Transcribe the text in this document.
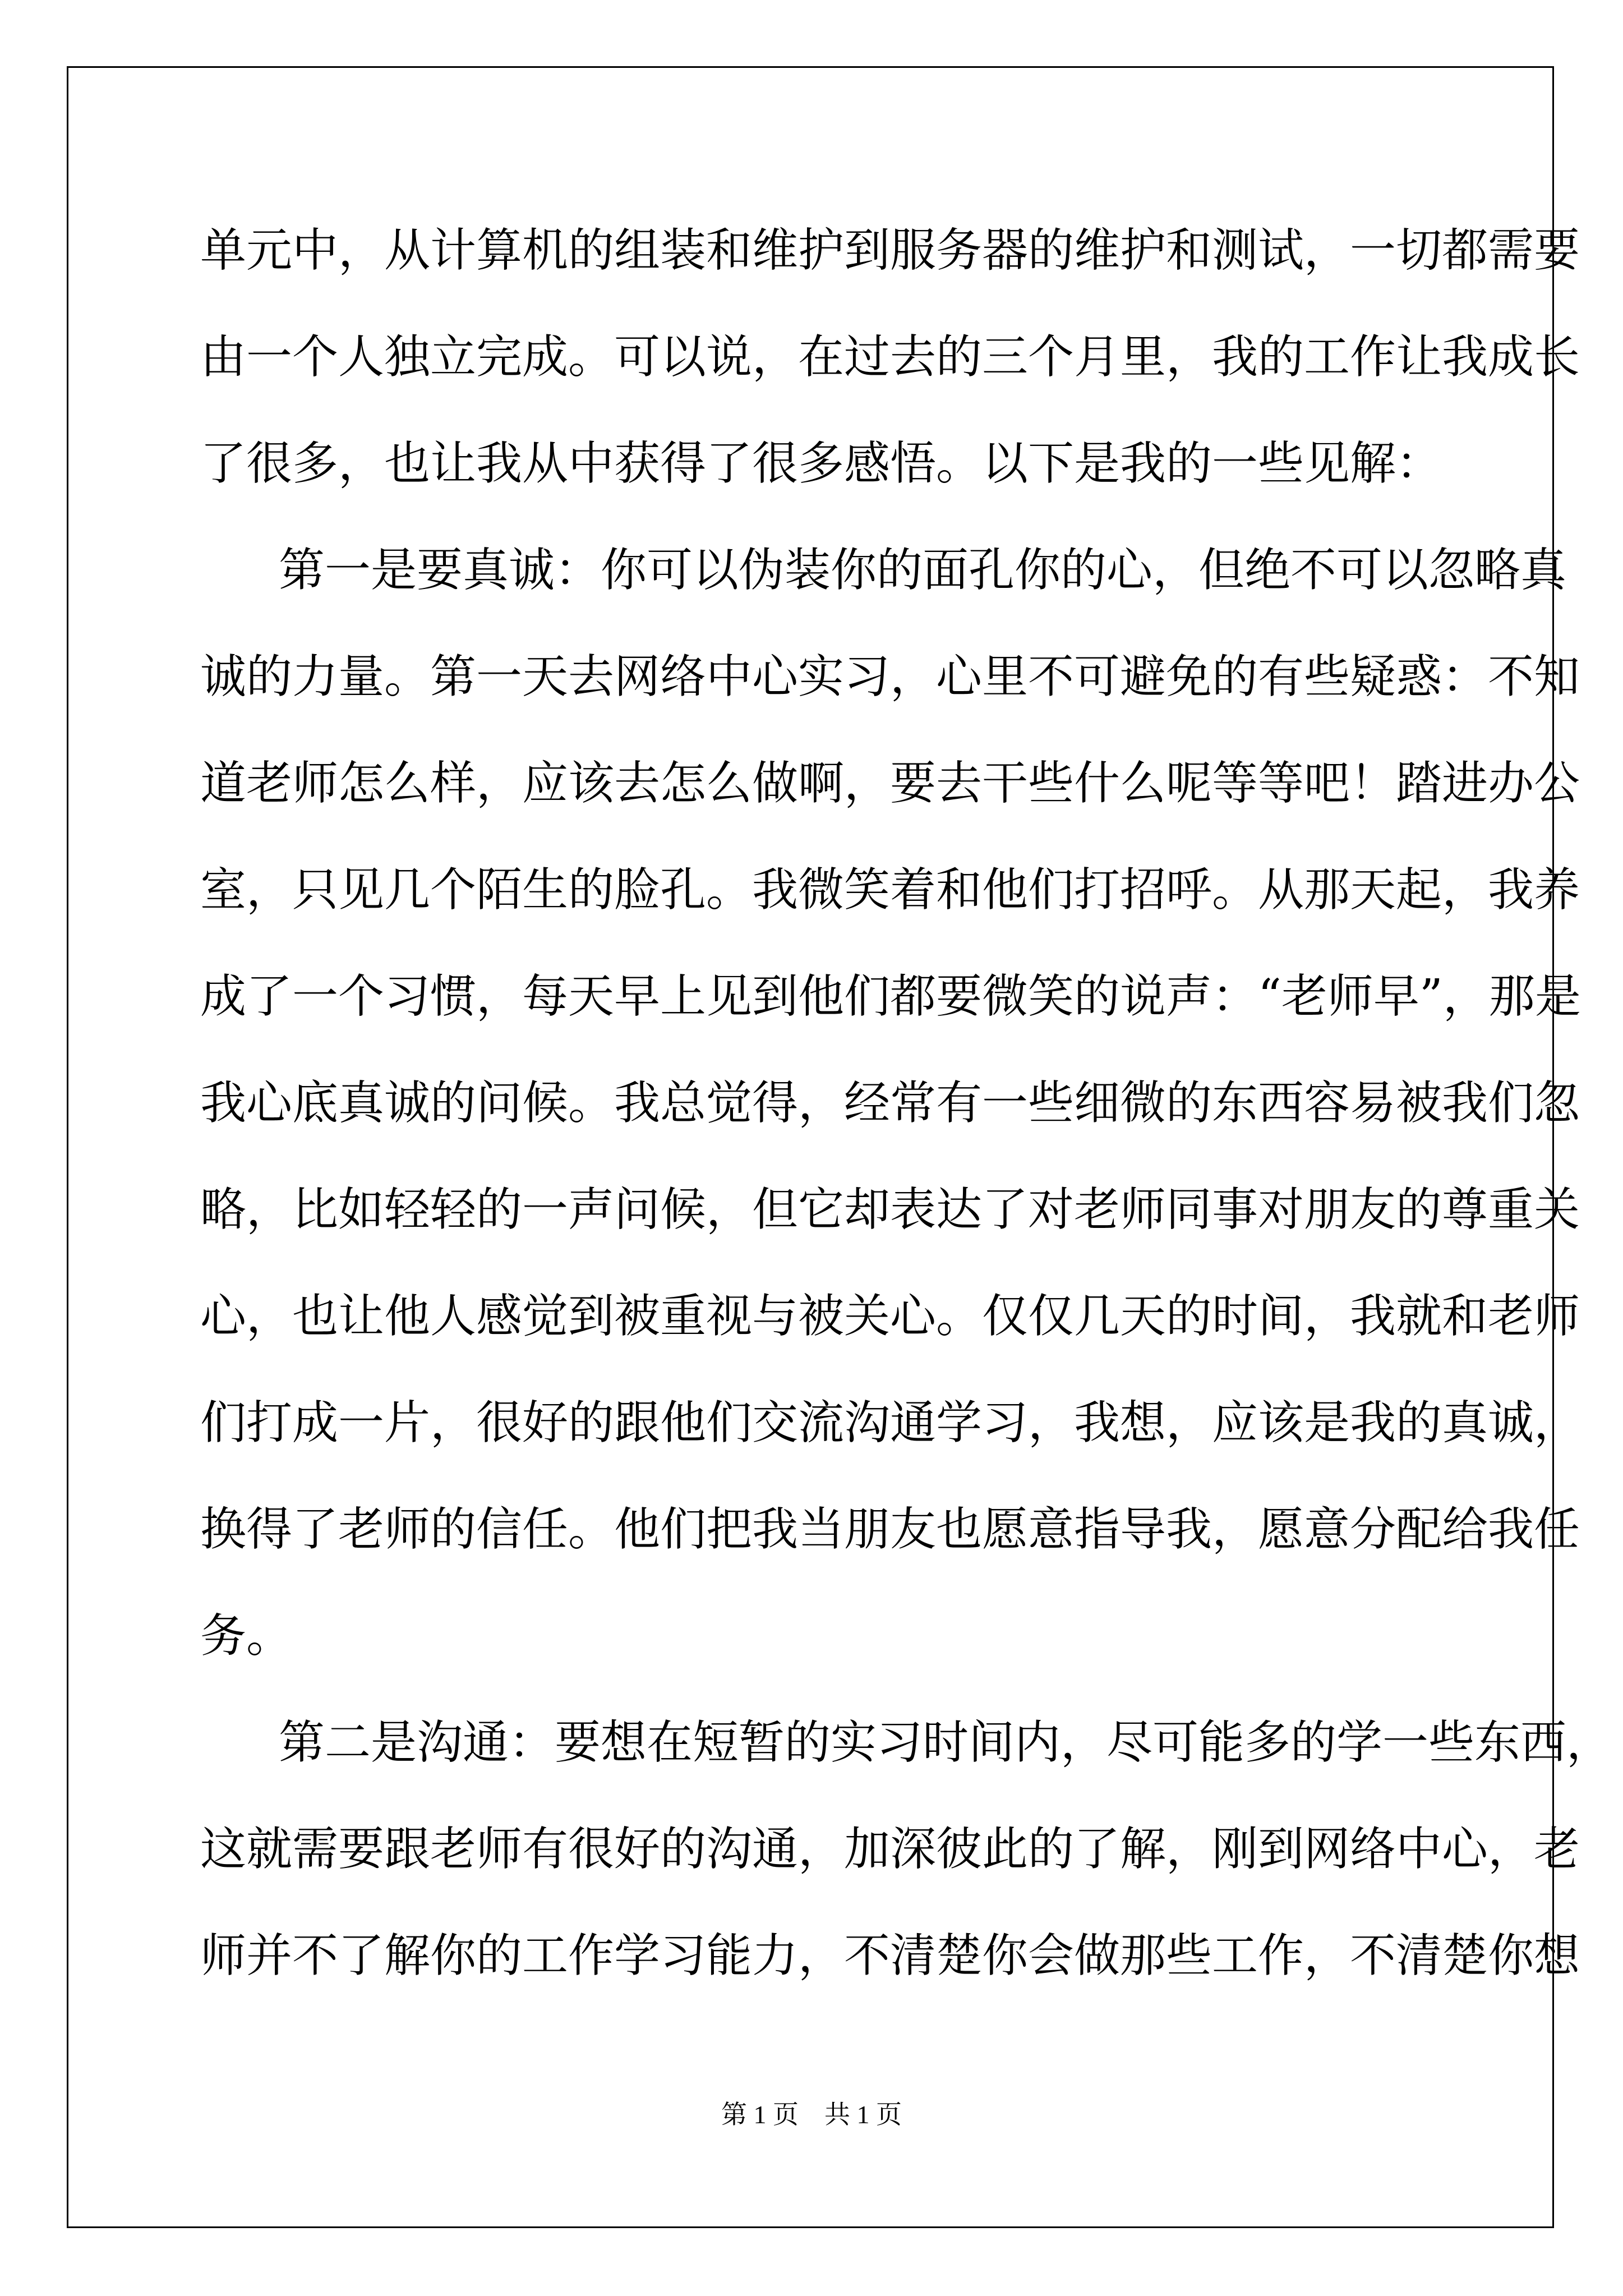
单元中，从计算机的组装和维护到服务器的维护和测试，一切都需要
由一个人独立完成。可以说，在过去的三个月里，我的工作让我成长
了很多，也让我从中获得了很多感悟。以下是我的一些见解：
第一是要真诚：你可以伪装你的面孔你的心，但绝不可以忽略真
诚的力量。第一天去网络中心实习，心里不可避免的有些疑惑：不知
道老师怎么样，应该去怎么做啊，要去干些什么呢等等吧！踏进办公
室，只见几个陌生的脸孔。我微笑着和他们打招呼。从那天起，我养
成了一个习惯，每天早上见到他们都要微笑的说声：“老师早”，那是
我心底真诚的问候。我总觉得，经常有一些细微的东西容易被我们忽
略，比如轻轻的一声问候，但它却表达了对老师同事对朋友的尊重关
心，也让他人感觉到被重视与被关心。仅仅几天的时间，我就和老师
们打成一片，很好的跟他们交流沟通学习，我想，应该是我的真诚，
换得了老师的信任。他们把我当朋友也愿意指导我，愿意分配给我任
务。
第二是沟通：要想在短暂的实习时间内，尽可能多的学一些东西，
这就需要跟老师有很好的沟通，加深彼此的了解，刚到网络中心，老
师并不了解你的工作学习能力，不清楚你会做那些工作，不清楚你想
第 1 页    共 1 页
